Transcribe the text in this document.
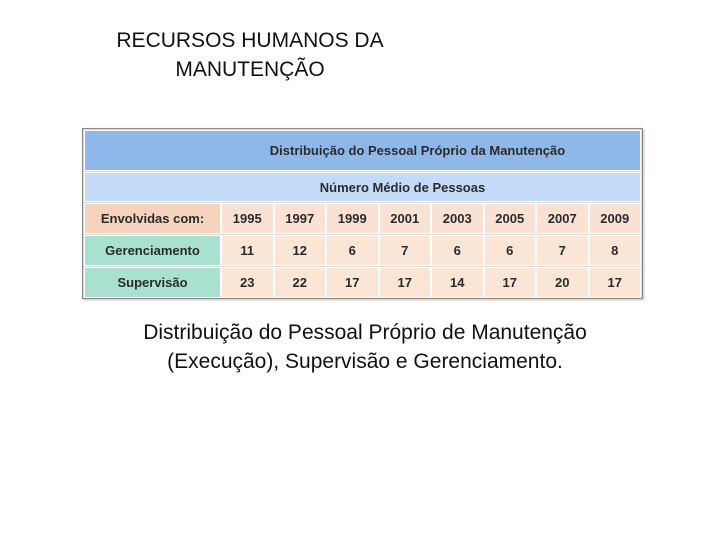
RECURSOS HUMANOS DA
MANUTENÇÃO
Distribuição do Pessoal Próprio da Manutenção
Número Médio de Pessoas
Envolvidas com:	1995	1997	1999	2001	2003	2005	2007	2009
Gerenciamento	11	12	6	7	6	6	7	8
Supervisão	23	22	17	17	14	17	20	17
Distribuição do Pessoal Próprio de Manutenção
(Execução), Supervisão e Gerenciamento.
